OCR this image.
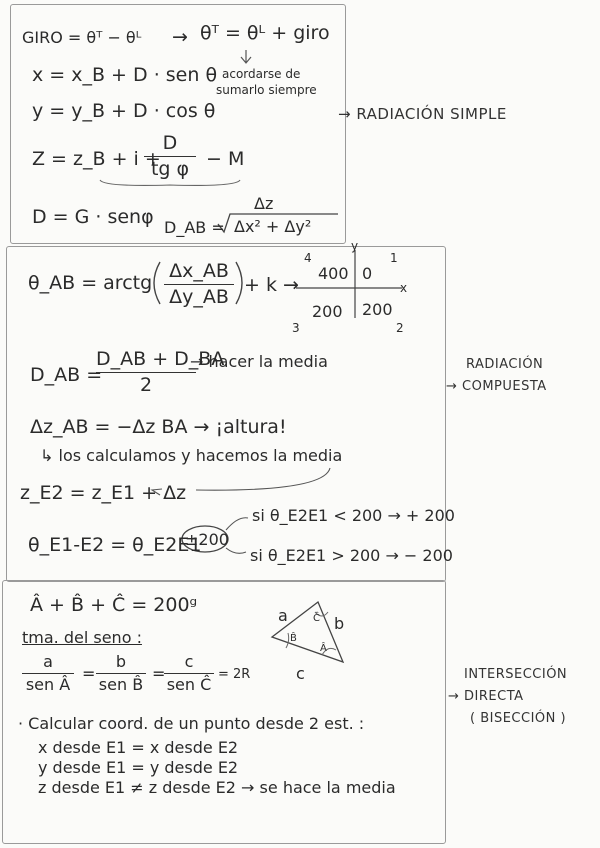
GIRO = θᵀ − θᴸ → θᵀ = θᴸ + giro
acordarse de
sumarlo siempre
x = x_B + D · sen θ
y = y_B + D · cos θ
Z = z_B + i +
D
tg φ − M
D = G · senφ
Δz
D_AB = Δx² + Δy²
→ RADIACIÓN SIMPLE
θ_AB = arctg
Δx_AB
Δy_AB
+ k →
4	1
3	2
400 0
200 200
x
y
D_AB =
D_AB + D_BA
2
→ hacer la media
Δz_AB = −Δz BA → ¡altura!
↳ los calculamos y hacemos la media
z_E2 = z_E1 + Δz
θ_E1-E2 = θ_E2E1
±200
si θ_E2E1 < 200 → + 200
si θ_E2E1 > 200 → − 200
RADIACIÓN
→ COMPUESTA
Â + B̂ + Ĉ = 200ᵍ
tma. del seno :
a
sen Â
=
b
sen B̂
=
c
sen Ĉ
= 2R
a	b
c
B̂
Ĉ
Â
· Calcular coord. de un punto desde 2 est. :
x desde E1 = x desde E2
y desde E1 = y desde E2
z desde E1 ≠ z desde E2 → se hace la media
INTERSECCIÓN
→ DIRECTA
( BISECCIÓN )
